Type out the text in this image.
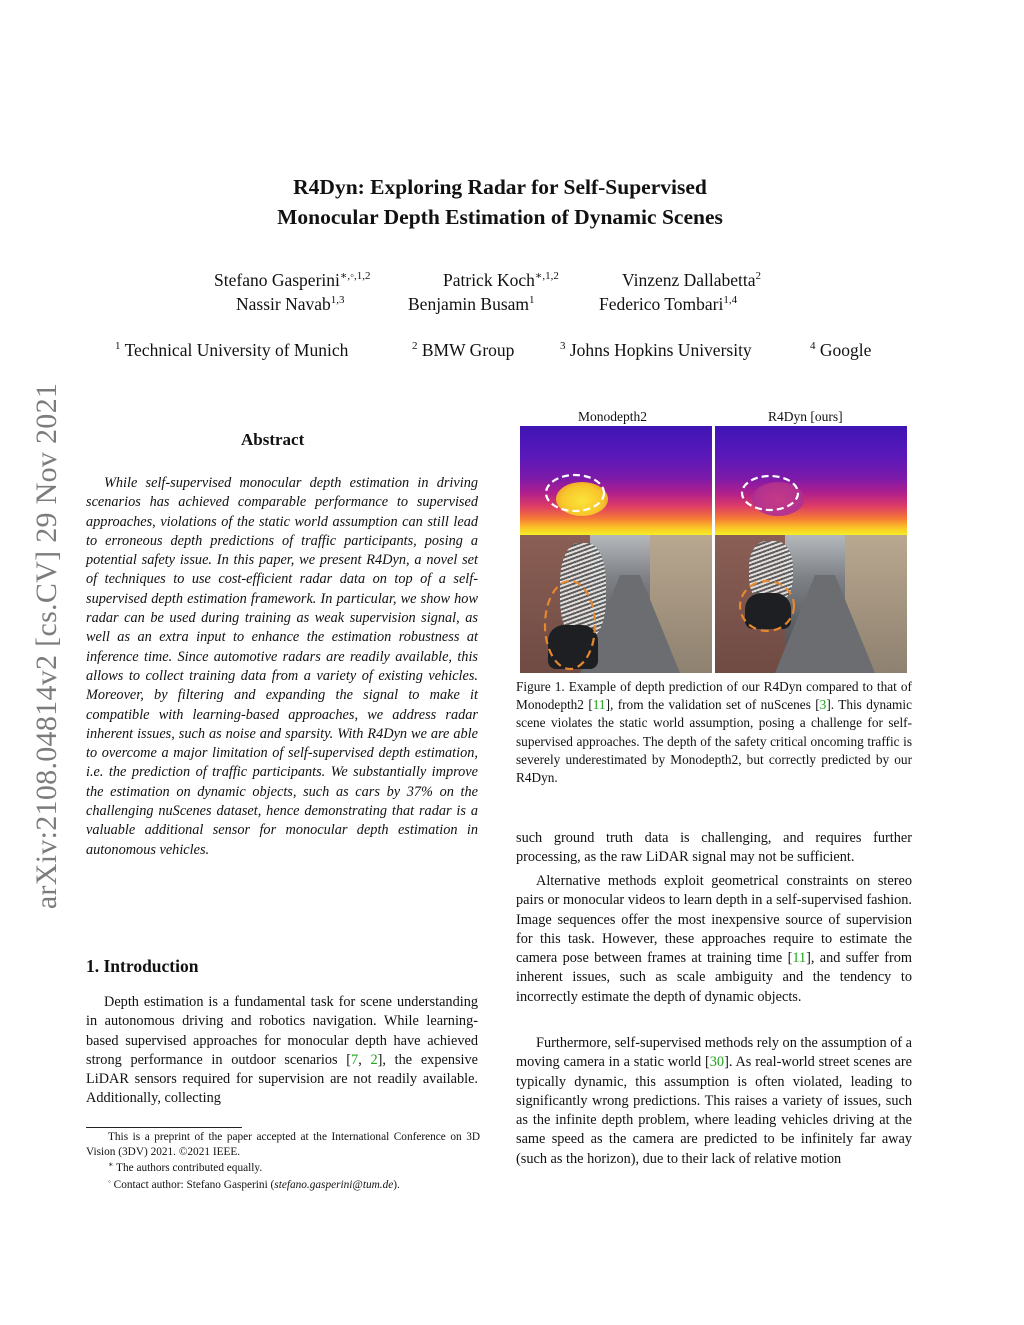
arXiv:2108.04814v2 [cs.CV] 29 Nov 2021
R4Dyn: Exploring Radar for Self-Supervised
Monocular Depth Estimation of Dynamic Scenes
Stefano Gasperini$^{∗,◦,1,2}$	Patrick Koch$^{∗,1,2}$	Vinzenz Dallabetta$^2$
Nassir Navab$^{1,3}$	Benjamin Busam$^1$	Federico Tombari$^{1,4}$
$^1$ Technical University of Munich	$^2$ BMW Group	$^3$ Johns Hopkins University	$^4$ Google
Abstract

While self-supervised monocular depth estimation in driving scenarios has achieved comparable performance to supervised approaches, violations of the static world assumption can still lead to erroneous depth predictions of traffic participants, posing a potential safety issue. In this paper, we present R4Dyn, a novel set of techniques to use cost-efficient radar data on top of a self-supervised depth estimation framework. In particular, we show how radar can be used during training as weak supervision signal, as well as an extra input to enhance the estimation robustness at inference time. Since automotive radars are readily available, this allows to collect training data from a variety of existing vehicles. Moreover, by filtering and expanding the signal to make it compatible with learning-based approaches, we address radar inherent issues, such as noise and sparsity. With R4Dyn we are able to overcome a major limitation of self-supervised depth estimation, i.e. the prediction of traffic participants. We substantially improve the estimation on dynamic objects, such as cars by 37% on the challenging nuScenes dataset, hence demonstrating that radar is a valuable additional sensor for monocular depth estimation in autonomous vehicles.

1. Introduction

Depth estimation is a fundamental task for scene understanding in autonomous driving and robotics navigation. While learning-based supervised approaches for monocular depth have achieved strong performance in outdoor scenarios [7, 2], the expensive LiDAR sensors required for supervision are not readily available. Additionally, collecting

This is a preprint of the paper accepted at the International Conference on 3D Vision (3DV) 2021. ©2021 IEEE.
∗ The authors contributed equally.
◦ Contact author: Stefano Gasperini (stefano.gasperini@tum.de).
Monodepth2	R4Dyn [ours]
Figure 1. Example of depth prediction of our R4Dyn compared to that of Monodepth2 [11], from the validation set of nuScenes [3]. This dynamic scene violates the static world assumption, posing a challenge for self-supervised approaches. The depth of the safety critical oncoming traffic is severely underestimated by Monodepth2, but correctly predicted by our R4Dyn.

such ground truth data is challenging, and requires further processing, as the raw LiDAR signal may not be sufficient.

Alternative methods exploit geometrical constraints on stereo pairs or monocular videos to learn depth in a self-supervised fashion. Image sequences offer the most inexpensive source of supervision for this task. However, these approaches require to estimate the camera pose between frames at training time [11], and suffer from inherent issues, such as scale ambiguity and the tendency to incorrectly estimate the depth of dynamic objects.

Furthermore, self-supervised methods rely on the assumption of a moving camera in a static world [30]. As real-world street scenes are typically dynamic, this assumption is often violated, leading to significantly wrong predictions. This raises a variety of issues, such as the infinite depth problem, where leading vehicles driving at the same speed as the camera are predicted to be infinitely far away (such as the horizon), due to their lack of relative motion
